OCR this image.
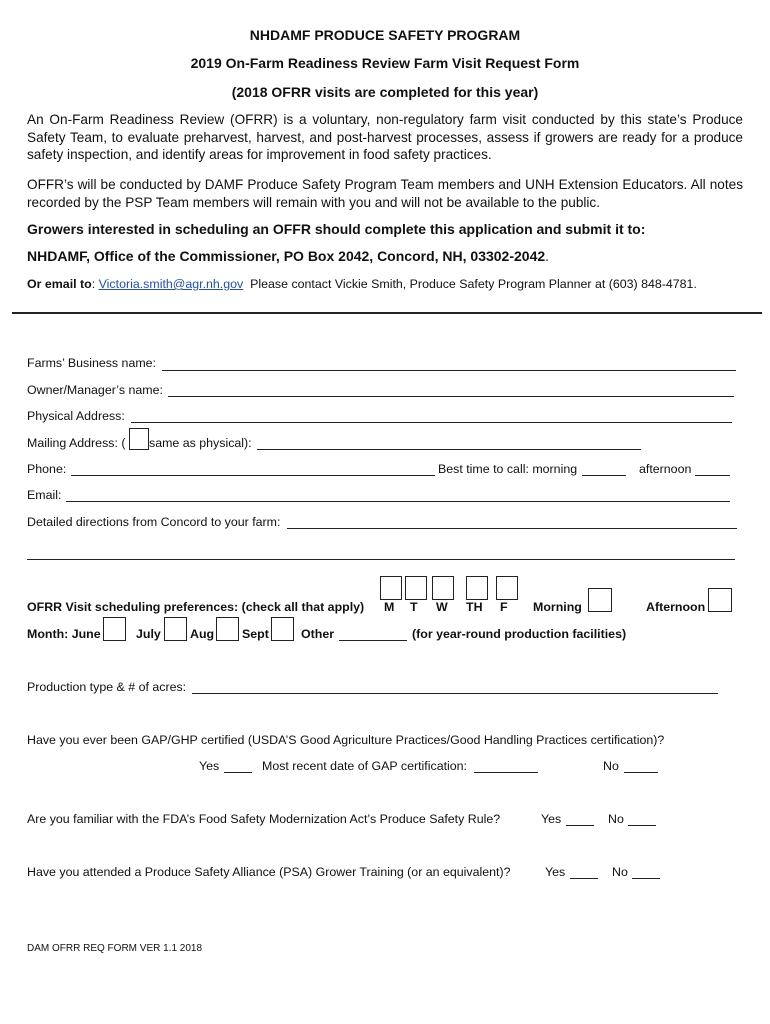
NHDAMF PRODUCE SAFETY PROGRAM
2019 On-Farm Readiness Review Farm Visit Request Form
(2018 OFRR visits are completed for this year)
An On-Farm Readiness Review (OFRR) is a voluntary, non-regulatory farm visit conducted by this state’s Produce Safety Team, to evaluate preharvest, harvest, and post-harvest processes, assess if growers are ready for a produce safety inspection, and identify areas for improvement in food safety practices.
OFFR’s will be conducted by DAMF Produce Safety Program Team members and UNH Extension Educators. All notes recorded by the PSP Team members will remain with you and will not be available to the public.
Growers interested in scheduling an OFFR should complete this application and submit it to:
NHDAMF, Office of the Commissioner, PO Box 2042, Concord, NH, 03302-2042.
Or email to: Victoria.smith@agr.nh.gov Please contact Vickie Smith, Produce Safety Program Planner at (603) 848-4781.
Farms’ Business name:
Owner/Manager’s name:
Physical Address:
Mailing Address: ( same as physical):
Phone:	Best time to call: morning	afternoon
Email:
Detailed directions from Concord to your farm:
OFRR Visit scheduling preferences: (check all that apply) M T W TH F Morning	Afternoon
Month: June	July Aug Sept	Other	(for year-round production facilities)
Production type & # of acres:
Have you ever been GAP/GHP certified (USDA’S Good Agriculture Practices/Good Handling Practices certification)?
Yes	Most recent date of GAP certification:	No
Are you familiar with the FDA’s Food Safety Modernization Act’s Produce Safety Rule?	Yes	No
Have you attended a Produce Safety Alliance (PSA) Grower Training (or an equivalent)?	Yes	No
DAM OFRR REQ FORM VER 1.1 2018
